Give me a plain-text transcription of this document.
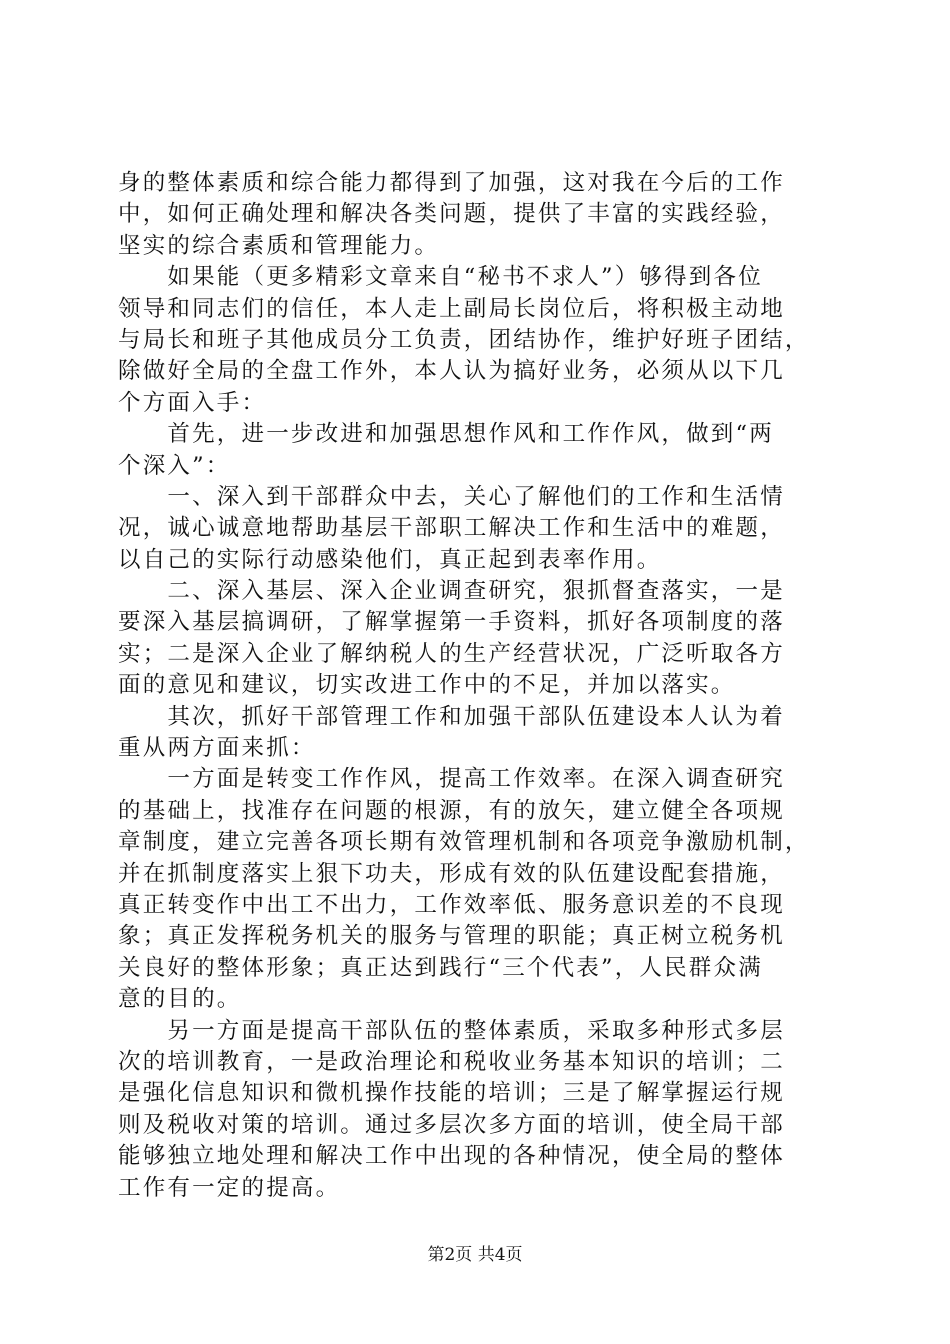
身的整体素质和综合能力都得到了加强，这对我在今后的工作
中，如何正确处理和解决各类问题，提供了丰富的实践经验，
坚实的综合素质和管理能力。
　　如果能（更多精彩文章来自“秘书不求人”）够得到各位
领导和同志们的信任，本人走上副局长岗位后，将积极主动地
与局长和班子其他成员分工负责，团结协作，维护好班子团结，
除做好全局的全盘工作外，本人认为搞好业务，必须从以下几
个方面入手：
　　首先，进一步改进和加强思想作风和工作作风，做到“两
个深入”：
　　一、深入到干部群众中去，关心了解他们的工作和生活情
况，诚心诚意地帮助基层干部职工解决工作和生活中的难题，
以自己的实际行动感染他们，真正起到表率作用。
　　二、深入基层、深入企业调查研究，狠抓督查落实，一是
要深入基层搞调研，了解掌握第一手资料，抓好各项制度的落
实；二是深入企业了解纳税人的生产经营状况，广泛听取各方
面的意见和建议，切实改进工作中的不足，并加以落实。
　　其次，抓好干部管理工作和加强干部队伍建设本人认为着
重从两方面来抓：
　　一方面是转变工作作风，提高工作效率。在深入调查研究
的基础上，找准存在问题的根源，有的放矢，建立健全各项规
章制度，建立完善各项长期有效管理机制和各项竞争激励机制，
并在抓制度落实上狠下功夫，形成有效的队伍建设配套措施，
真正转变作中出工不出力，工作效率低、服务意识差的不良现
象；真正发挥税务机关的服务与管理的职能；真正树立税务机
关良好的整体形象；真正达到践行“三个代表”，人民群众满
意的目的。
　　另一方面是提高干部队伍的整体素质，采取多种形式多层
次的培训教育，一是政治理论和税收业务基本知识的培训；二
是强化信息知识和微机操作技能的培训；三是了解掌握运行规
则及税收对策的培训。通过多层次多方面的培训，使全局干部
能够独立地处理和解决工作中出现的各种情况，使全局的整体
工作有一定的提高。
第2页 共4页
